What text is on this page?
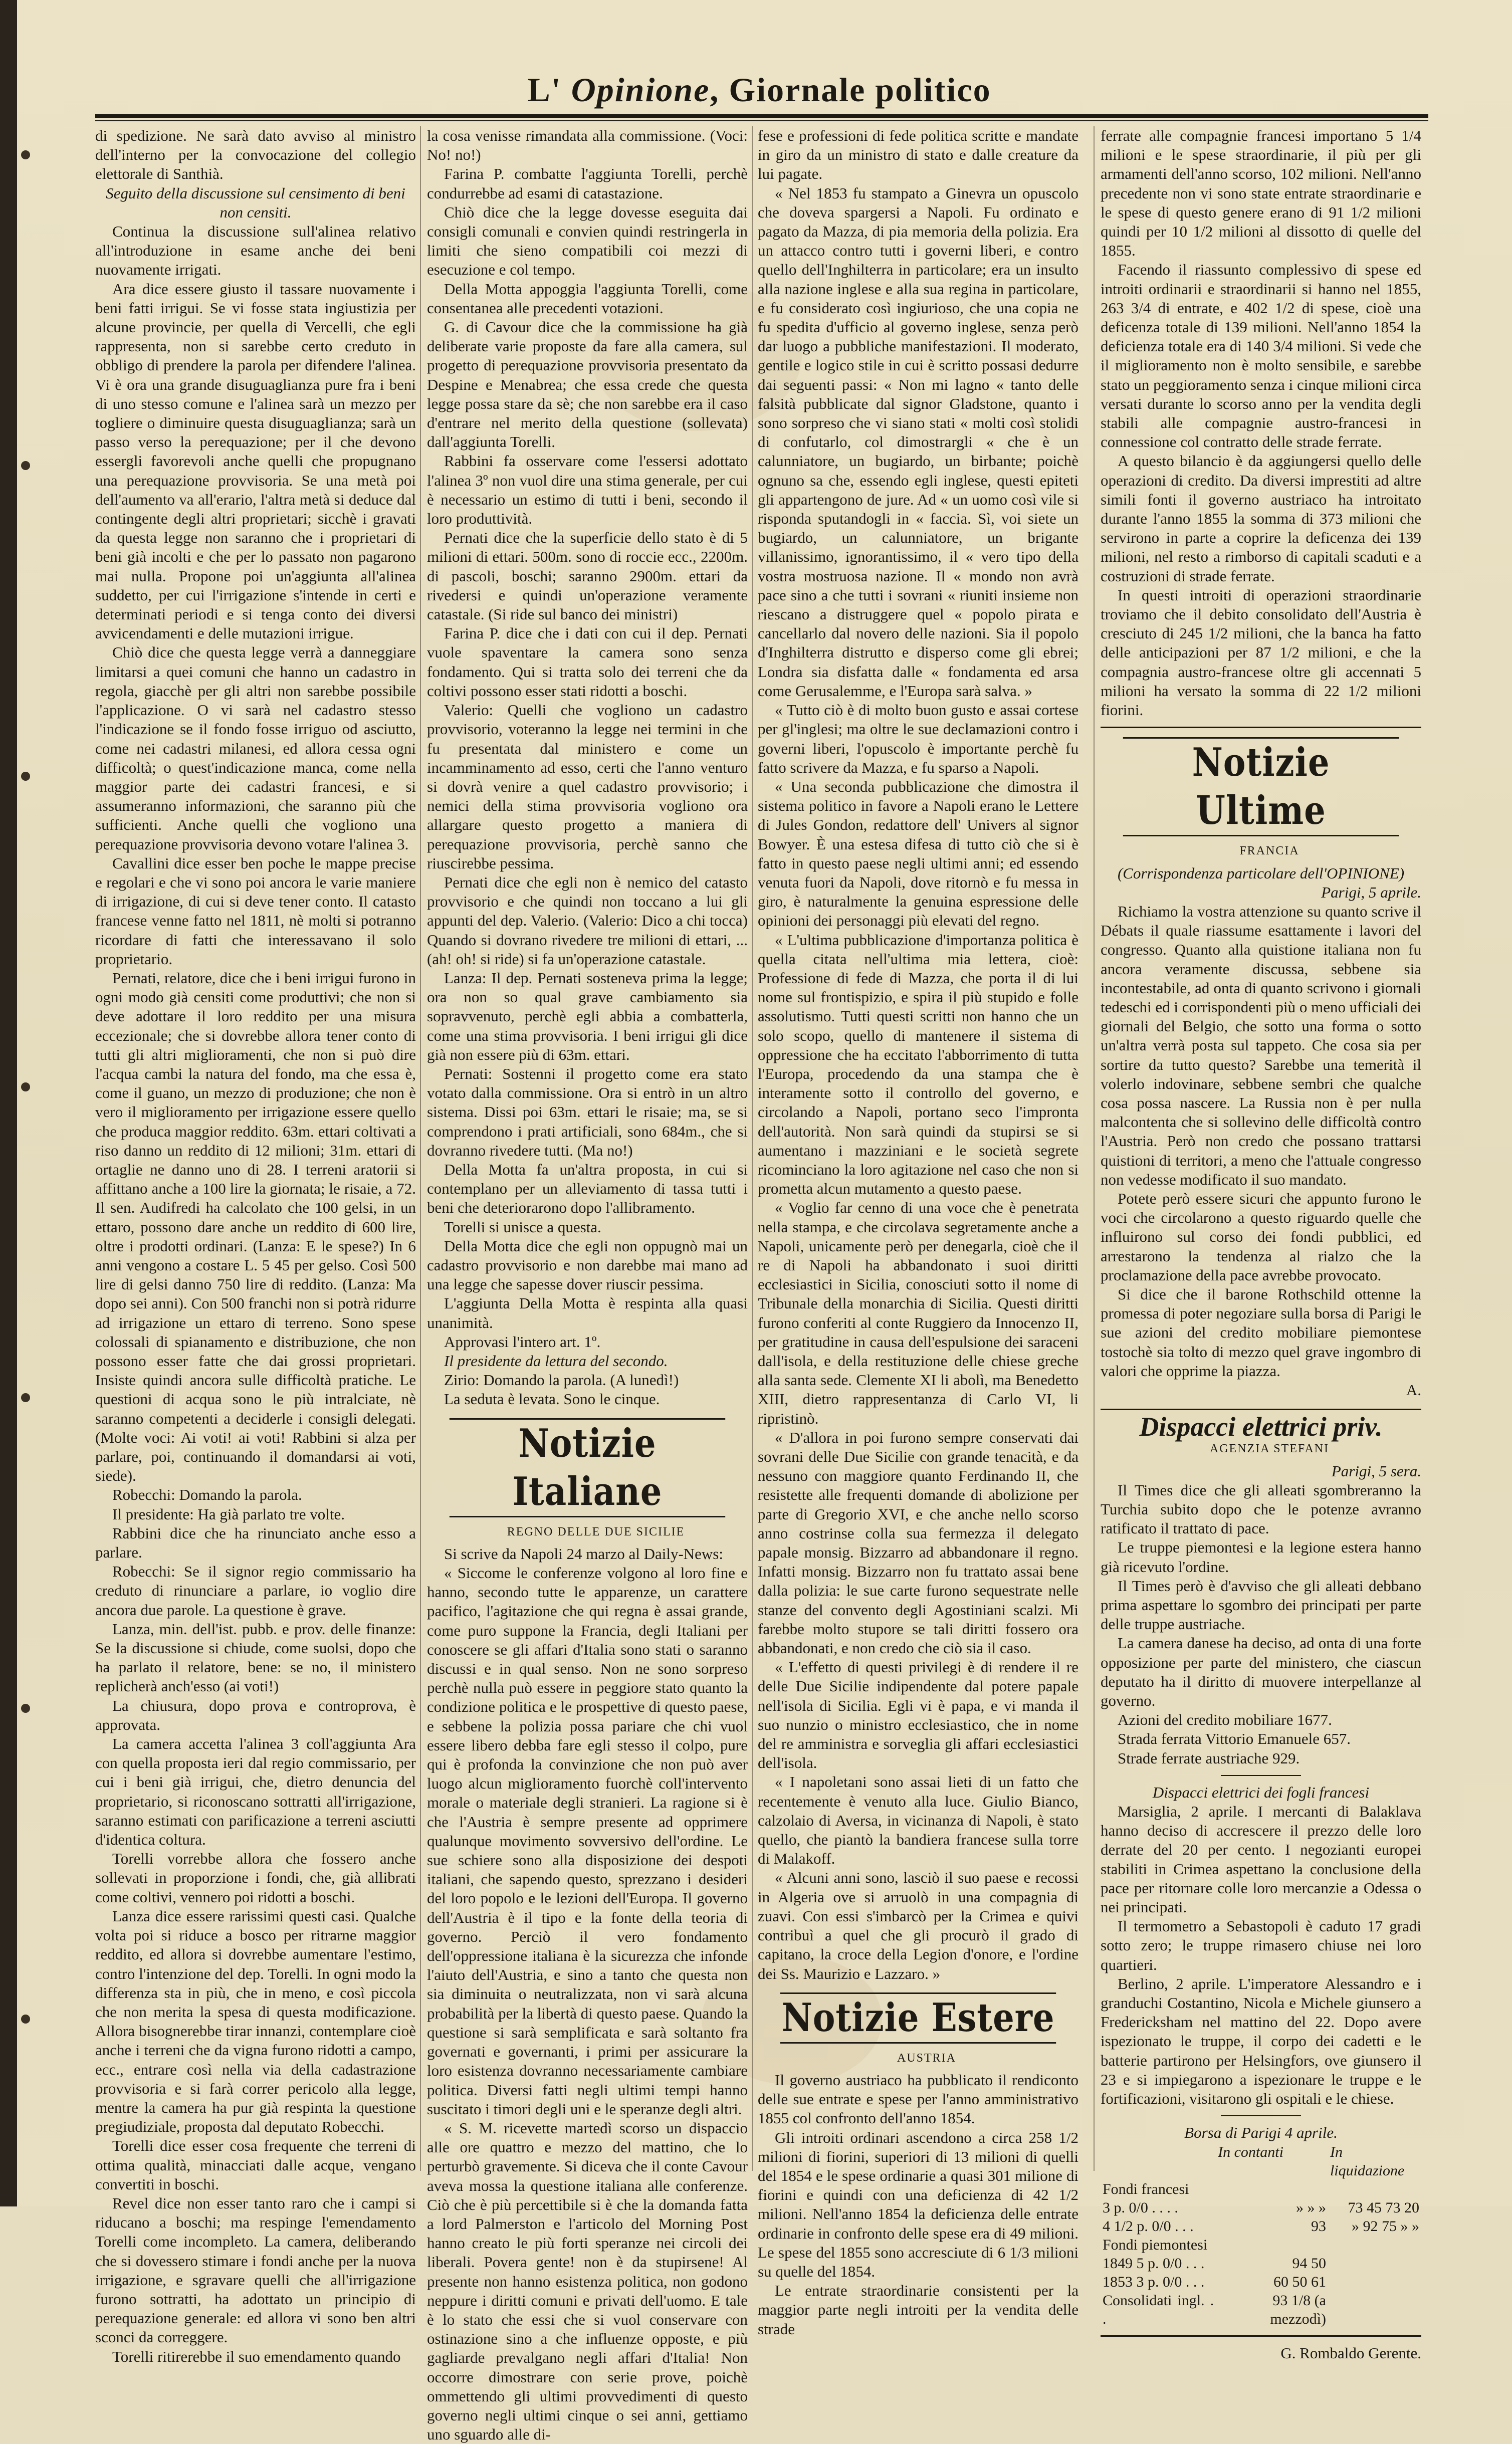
L' Opinione, Giornale politico

di spedizione. Ne sarà dato avviso al ministro dell'interno per la convocazione del collegio elettorale di Santhià.

Seguito della discussione sul censimento di beni non censiti.

Continua la discussione sull'alinea relativo all'introduzione in esame anche dei beni nuovamente irrigati.

Ara dice essere giusto il tassare nuovamente i beni fatti irrigui. Se vi fosse stata ingiustizia per alcune provincie, per quella di Vercelli, che egli rappresenta, non si sarebbe certo creduto in obbligo di prendere la parola per difendere l'alinea. Vi è ora una grande disuguaglianza pure fra i beni di uno stesso comune e l'alinea sarà un mezzo per togliere o diminuire questa disuguaglianza; sarà un passo verso la perequazione; per il che devono essergli favorevoli anche quelli che propugnano una perequazione provvisoria. Se una metà poi dell'aumento va all'erario, l'altra metà si deduce dal contingente degli altri proprietari; sicchè i gravati da questa legge non saranno che i proprietari di beni già incolti e che per lo passato non pagarono mai nulla. Propone poi un'aggiunta all'alinea suddetto, per cui l'irrigazione s'intende in certi e determinati periodi e si tenga conto dei diversi avvicendamenti e delle mutazioni irrigue.

Chiò dice che questa legge verrà a danneggiare limitarsi a quei comuni che hanno un cadastro in regola, giacchè per gli altri non sarebbe possibile l'applicazione. O vi sarà nel cadastro stesso l'indicazione se il fondo fosse irriguo od asciutto, come nei cadastri milanesi, ed allora cessa ogni difficoltà; o quest'indicazione manca, come nella maggior parte dei cadastri francesi, e si assumeranno informazioni, che saranno più che sufficienti. Anche quelli che vogliono una perequazione provvisoria devono votare l'alinea 3.

Cavallini dice esser ben poche le mappe precise e regolari e che vi sono poi ancora le varie maniere di irrigazione, di cui si deve tener conto. Il catasto francese venne fatto nel 1811, nè molti si potranno ricordare di fatti che interessavano il solo proprietario.

Pernati, relatore, dice che i beni irrigui furono in ogni modo già censiti come produttivi; che non si deve adottare il loro reddito per una misura eccezionale; che si dovrebbe allora tener conto di tutti gli altri miglioramenti, che non si può dire l'acqua cambi la natura del fondo, ma che essa è, come il guano, un mezzo di produzione; che non è vero il miglioramento per irrigazione essere quello che produca maggior reddito. 63m. ettari coltivati a riso danno un reddito di 12 milioni; 31m. ettari di ortaglie ne danno uno di 28. I terreni aratorii si affittano anche a 100 lire la giornata; le risaie, a 72. Il sen. Audifredi ha calcolato che 100 gelsi, in un ettaro, possono dare anche un reddito di 600 lire, oltre i prodotti ordinari. (Lanza: E le spese?) In 6 anni vengono a costare L. 5 45 per gelso. Così 500 lire di gelsi danno 750 lire di reddito. (Lanza: Ma dopo sei anni). Con 500 franchi non si potrà ridurre ad irrigazione un ettaro di terreno. Sono spese colossali di spianamento e distribuzione, che non possono esser fatte che dai grossi proprietari. Insiste quindi ancora sulle difficoltà pratiche. Le questioni di acqua sono le più intralciate, nè saranno competenti a deciderle i consigli delegati. (Molte voci: Ai voti! ai voti! Rabbini si alza per parlare, poi, continuando il domandarsi ai voti, siede).

Robecchi: Domando la parola.

Il presidente: Ha già parlato tre volte.

Rabbini dice che ha rinunciato anche esso a parlare.

Robecchi: Se il signor regio commissario ha creduto di rinunciare a parlare, io voglio dire ancora due parole. La questione è grave.

Lanza, min. dell'ist. pubb. e prov. delle finanze: Se la discussione si chiude, come suolsi, dopo che ha parlato il relatore, bene: se no, il ministero replicherà anch'esso (ai voti!)

La chiusura, dopo prova e controprova, è approvata.

La camera accetta l'alinea 3 coll'aggiunta Ara con quella proposta ieri dal regio commissario, per cui i beni già irrigui, che, dietro denuncia del proprietario, si riconoscano sottratti all'irrigazione, saranno estimati con parificazione a terreni asciutti d'identica coltura.

Torelli vorrebbe allora che fossero anche sollevati in proporzione i fondi, che, già allibrati come coltivi, vennero poi ridotti a boschi.

Lanza dice essere rarissimi questi casi. Qualche volta poi si riduce a bosco per ritrarne maggior reddito, ed allora si dovrebbe aumentare l'estimo, contro l'intenzione del dep. Torelli. In ogni modo la differenza sta in più, che in meno, e così piccola che non merita la spesa di questa modificazione. Allora bisognerebbe tirar innanzi, contemplare cioè anche i terreni che da vigna furono ridotti a campo, ecc., entrare così nella via della cadastrazione provvisoria e si farà correr pericolo alla legge, mentre la camera ha pur già respinta la questione pregiudiziale, proposta dal deputato Robecchi.

Torelli dice esser cosa frequente che terreni di ottima qualità, minacciati dalle acque, vengano convertiti in boschi.

Revel dice non esser tanto raro che i campi si riducano a boschi; ma respinge l'emendamento Torelli come incompleto. La camera, deliberando che si dovessero stimare i fondi anche per la nuova irrigazione, e sgravare quelli che all'irrigazione furono sottratti, ha adottato un principio di perequazione generale: ed allora vi sono ben altri sconci da correggere.

Torelli ritirerebbe il suo emendamento quando

la cosa venisse rimandata alla commissione. (Voci: No! no!)

Farina P. combatte l'aggiunta Torelli, perchè condurrebbe ad esami di catastazione.

Chiò dice che la legge dovesse eseguita dai consigli comunali e convien quindi restringerla in limiti che sieno compatibili coi mezzi di esecuzione e col tempo.

Della Motta appoggia l'aggiunta Torelli, come consentanea alle precedenti votazioni.

G. di Cavour dice che la commissione ha già deliberate varie proposte da fare alla camera, sul progetto di perequazione provvisoria presentato da Despine e Menabrea; che essa crede che questa legge possa stare da sè; che non sarebbe era il caso d'entrare nel merito della questione (sollevata) dall'aggiunta Torelli.

Rabbini fa osservare come l'essersi adottato l'alinea 3º non vuol dire una stima generale, per cui è necessario un estimo di tutti i beni, secondo il loro produttività.

Pernati dice che la superficie dello stato è di 5 milioni di ettari. 500m. sono di roccie ecc., 2200m. di pascoli, boschi; saranno 2900m. ettari da rivedersi e quindi un'operazione veramente catastale. (Si ride sul banco dei ministri)

Farina P. dice che i dati con cui il dep. Pernati vuole spaventare la camera sono senza fondamento. Qui si tratta solo dei terreni che da coltivi possono esser stati ridotti a boschi.

Valerio: Quelli che vogliono un cadastro provvisorio, voteranno la legge nei termini in che fu presentata dal ministero e come un incamminamento ad esso, certi che l'anno venturo si dovrà venire a quel cadastro provvisorio; i nemici della stima provvisoria vogliono ora allargare questo progetto a maniera di perequazione provvisoria, perchè sanno che riuscirebbe pessima.

Pernati dice che egli non è nemico del catasto provvisorio e che quindi non toccano a lui gli appunti del dep. Valerio. (Valerio: Dico a chi tocca) Quando si dovrano rivedere tre milioni di ettari, ... (ah! oh! si ride) si fa un'operazione catastale.

Lanza: Il dep. Pernati sosteneva prima la legge; ora non so qual grave cambiamento sia sopravvenuto, perchè egli abbia a combatterla, come una stima provvisoria. I beni irrigui gli dice già non essere più di 63m. ettari.

Pernati: Sostenni il progetto come era stato votato dalla commissione. Ora si entrò in un altro sistema. Dissi poi 63m. ettari le risaie; ma, se si comprendono i prati artificiali, sono 684m., che si dovranno rivedere tutti. (Ma no!)

Della Motta fa un'altra proposta, in cui si contemplano per un alleviamento di tassa tutti i beni che deteriorarono dopo l'allibramento.

Torelli si unisce a questa.

Della Motta dice che egli non oppugnò mai un cadastro provvisorio e non darebbe mai mano ad una legge che sapesse dover riuscir pessima.

L'aggiunta Della Motta è respinta alla quasi unanimità.

Approvasi l'intero art. 1º.

Il presidente da lettura del secondo.

Zirio: Domando la parola. (A lunedì!)

La seduta è levata. Sono le cinque.

Notizie Italiane

REGNO DELLE DUE SICILIE

Si scrive da Napoli 24 marzo al Daily-News:

« Siccome le conferenze volgono al loro fine e hanno, secondo tutte le apparenze, un carattere pacifico, l'agitazione che qui regna è assai grande, come puro suppone la Francia, degli Italiani per conoscere se gli affari d'Italia sono stati o saranno discussi e in qual senso. Non ne sono sorpreso perchè nulla può essere in peggiore stato quanto la condizione politica e le prospettive di questo paese, e sebbene la polizia possa pariare che chi vuol essere libero debba fare egli stesso il colpo, pure qui è profonda la convinzione che non può aver luogo alcun miglioramento fuorchè coll'intervento morale o materiale degli stranieri. La ragione si è che l'Austria è sempre presente ad opprimere qualunque movimento sovversivo dell'ordine. Le sue schiere sono alla disposizione dei despoti italiani, che sapendo questo, sprezzano i desideri del loro popolo e le lezioni dell'Europa. Il governo dell'Austria è il tipo e la fonte della teoria di governo. Perciò il vero fondamento dell'oppressione italiana è la sicurezza che infonde l'aiuto dell'Austria, e sino a tanto che questa non sia diminuita o neutralizzata, non vi sarà alcuna probabilità per la libertà di questo paese. Quando la questione si sarà semplificata e sarà soltanto fra governati e governanti, i primi per assicurare la loro esistenza dovranno necessariamente cambiare politica. Diversi fatti negli ultimi tempi hanno suscitato i timori degli uni e le speranze degli altri.

« S. M. ricevette martedì scorso un dispaccio alle ore quattro e mezzo del mattino, che lo perturbò gravemente. Si diceva che il conte Cavour aveva mossa la questione italiana alle conferenze. Ciò che è più percettibile si è che la domanda fatta a lord Palmerston e l'articolo del Morning Post hanno creato le più forti speranze nei circoli dei liberali. Povera gente! non è da stupirsene! Al presente non hanno esistenza politica, non godono neppure i diritti comuni e privati dell'uomo. E tale è lo stato che essi che si vuol conservare con ostinazione sino a che influenze opposte, e più gagliarde prevalgano negli affari d'Italia! Non occorre dimostrare con serie prove, poichè ommettendo gli ultimi provvedimenti di questo governo negli ultimi cinque o sei anni, gettiamo uno sguardo alle di-

fese e professioni di fede politica scritte e mandate in giro da un ministro di stato e dalle creature da lui pagate.

« Nel 1853 fu stampato a Ginevra un opuscolo che doveva spargersi a Napoli. Fu ordinato e pagato da Mazza, di pia memoria della polizia. Era un attacco contro tutti i governi liberi, e contro quello dell'Inghilterra in particolare; era un insulto alla nazione inglese e alla sua regina in particolare, e fu considerato così ingiurioso, che una copia ne fu spedita d'ufficio al governo inglese, senza però dar luogo a pubbliche manifestazioni. Il moderato, gentile e logico stile in cui è scritto possasi dedurre dai seguenti passi: « Non mi lagno « tanto delle falsità pubblicate dal signor Gladstone, quanto i sono sorpreso che vi siano stati « molti così stolidi di confutarlo, col dimostrargli « che è un calunniatore, un bugiardo, un birbante; poichè ognuno sa che, essendo egli inglese, questi epiteti gli appartengono de jure. Ad « un uomo così vile si risponda sputandogli in « faccia. Sì, voi siete un bugiardo, un calunniatore, un brigante villanissimo, ignorantissimo, il « vero tipo della vostra mostruosa nazione. Il « mondo non avrà pace sino a che tutti i sovrani « riuniti insieme non riescano a distruggere quel « popolo pirata e cancellarlo dal novero delle nazioni. Sia il popolo d'Inghilterra distrutto e disperso come gli ebrei; Londra sia disfatta dalle « fondamenta ed arsa come Gerusalemme, e l'Europa sarà salva. »

« Tutto ciò è di molto buon gusto e assai cortese per gl'inglesi; ma oltre le sue declamazioni contro i governi liberi, l'opuscolo è importante perchè fu fatto scrivere da Mazza, e fu sparso a Napoli.

« Una seconda pubblicazione che dimostra il sistema politico in favore a Napoli erano le Lettere di Jules Gondon, redattore dell' Univers al signor Bowyer. È una estesa difesa di tutto ciò che si è fatto in questo paese negli ultimi anni; ed essendo venuta fuori da Napoli, dove ritornò e fu messa in giro, è naturalmente la genuina espressione delle opinioni dei personaggi più elevati del regno.

« L'ultima pubblicazione d'importanza politica è quella citata nell'ultima mia lettera, cioè: Professione di fede di Mazza, che porta il di lui nome sul frontispizio, e spira il più stupido e folle assolutismo. Tutti questi scritti non hanno che un solo scopo, quello di mantenere il sistema di oppressione che ha eccitato l'abborrimento di tutta l'Europa, procedendo da una stampa che è interamente sotto il controllo del governo, e circolando a Napoli, portano seco l'impronta dell'autorità. Non sarà quindi da stupirsi se si aumentano i mazziniani e le società segrete ricominciano la loro agitazione nel caso che non si prometta alcun mutamento a questo paese.

« Voglio far cenno di una voce che è penetrata nella stampa, e che circolava segretamente anche a Napoli, unicamente però per denegarla, cioè che il re di Napoli ha abbandonato i suoi diritti ecclesiastici in Sicilia, conosciuti sotto il nome di Tribunale della monarchia di Sicilia. Questi diritti furono conferiti al conte Ruggiero da Innocenzo II, per gratitudine in causa dell'espulsione dei saraceni dall'isola, e della restituzione delle chiese greche alla santa sede. Clemente XI li abolì, ma Benedetto XIII, dietro rappresentanza di Carlo VI, li ripristinò.

« D'allora in poi furono sempre conservati dai sovrani delle Due Sicilie con grande tenacità, e da nessuno con maggiore quanto Ferdinando II, che resistette alle frequenti domande di abolizione per parte di Gregorio XVI, e che anche nello scorso anno costrinse colla sua fermezza il delegato papale monsig. Bizzarro ad abbandonare il regno. Infatti monsig. Bizzarro non fu trattato assai bene dalla polizia: le sue carte furono sequestrate nelle stanze del convento degli Agostiniani scalzi. Mi farebbe molto stupore se tali diritti fossero ora abbandonati, e non credo che ciò sia il caso.

« L'effetto di questi privilegi è di rendere il re delle Due Sicilie indipendente dal potere papale nell'isola di Sicilia. Egli vi è papa, e vi manda il suo nunzio o ministro ecclesiastico, che in nome del re amministra e sorveglia gli affari ecclesiastici dell'isola.

« I napoletani sono assai lieti di un fatto che recentemente è venuto alla luce. Giulio Bianco, calzolaio di Aversa, in vicinanza di Napoli, è stato quello, che piantò la bandiera francese sulla torre di Malakoff.

« Alcuni anni sono, lasciò il suo paese e recossi in Algeria ove si arruolò in una compagnia di zuavi. Con essi s'imbarcò per la Crimea e quivi contribuì a quel che gli procurò il grado di capitano, la croce della Legion d'onore, e l'ordine dei Ss. Maurizio e Lazzaro. »

Notizie Estere

AUSTRIA

Il governo austriaco ha pubblicato il rendiconto delle sue entrate e spese per l'anno amministrativo 1855 col confronto dell'anno 1854.

Gli introiti ordinari ascendono a circa 258 1/2 milioni di fiorini, superiori di 13 milioni di quelli del 1854 e le spese ordinarie a quasi 301 milione di fiorini e quindi con una deficienza di 42 1/2 milioni. Nell'anno 1854 la deficienza delle entrate ordinarie in confronto delle spese era di 49 milioni. Le spese del 1855 sono accresciute di 6 1/3 milioni su quelle del 1854.

Le entrate straordinarie consistenti per la maggior parte negli introiti per la vendita delle strade

ferrate alle compagnie francesi importano 5 1/4 milioni e le spese straordinarie, il più per gli armamenti dell'anno scorso, 102 milioni. Nell'anno precedente non vi sono state entrate straordinarie e le spese di questo genere erano di 91 1/2 milioni quindi per 10 1/2 milioni al dissotto di quelle del 1855.

Facendo il riassunto complessivo di spese ed introiti ordinarii e straordinarii si hanno nel 1855, 263 3/4 di entrate, e 402 1/2 di spese, cioè una deficenza totale di 139 milioni. Nell'anno 1854 la deficienza totale era di 140 3/4 milioni. Si vede che il miglioramento non è molto sensibile, e sarebbe stato un peggioramento senza i cinque milioni circa versati durante lo scorso anno per la vendita degli stabili alle compagnie austro-francesi in connessione col contratto delle strade ferrate.

A questo bilancio è da aggiungersi quello delle operazioni di credito. Da diversi imprestiti ad altre simili fonti il governo austriaco ha introitato durante l'anno 1855 la somma di 373 milioni che servirono in parte a coprire la deficenza dei 139 milioni, nel resto a rimborso di capitali scaduti e a costruzioni di strade ferrate.

In questi introiti di operazioni straordinarie troviamo che il debito consolidato dell'Austria è cresciuto di 245 1/2 milioni, che la banca ha fatto delle anticipazioni per 87 1/2 milioni, e che la compagnia austro-francese oltre gli accennati 5 milioni ha versato la somma di 22 1/2 milioni fiorini.

Notizie Ultime

FRANCIA

(Corrispondenza particolare dell'OPINIONE)

Parigi, 5 aprile.

Richiamo la vostra attenzione su quanto scrive il Débats il quale riassume esattamente i lavori del congresso. Quanto alla quistione italiana non fu ancora veramente discussa, sebbene sia incontestabile, ad onta di quanto scrivono i giornali tedeschi ed i corrispondenti più o meno ufficiali dei giornali del Belgio, che sotto una forma o sotto un'altra verrà posta sul tappeto. Che cosa sia per sortire da tutto questo? Sarebbe una temerità il volerlo indovinare, sebbene sembri che qualche cosa possa nascere. La Russia non è per nulla malcontenta che si sollevino delle difficoltà contro l'Austria. Però non credo che possano trattarsi quistioni di territori, a meno che l'attuale congresso non vedesse modificato il suo mandato.

Potete però essere sicuri che appunto furono le voci che circolarono a questo riguardo quelle che influirono sul corso dei fondi pubblici, ed arrestarono la tendenza al rialzo che la proclamazione della pace avrebbe provocato.

Si dice che il barone Rothschild ottenne la promessa di poter negoziare sulla borsa di Parigi le sue azioni del credito mobiliare piemontese tostochè sia tolto di mezzo quel grave ingombro di valori che opprime la piazza.

A.

Dispacci elettrici priv.

AGENZIA STEFANI

Parigi, 5 sera.

Il Times dice che gli alleati sgombreranno la Turchia subito dopo che le potenze avranno ratificato il trattato di pace.

Le truppe piemontesi e la legione estera hanno già ricevuto l'ordine.

Il Times però è d'avviso che gli alleati debbano prima aspettare lo sgombro dei principati per parte delle truppe austriache.

La camera danese ha deciso, ad onta di una forte opposizione per parte del ministero, che ciascun deputato ha il diritto di muovere interpellanze al governo.

Azioni del credito mobiliare 1677.

Strada ferrata Vittorio Emanuele 657.

Strade ferrate austriache 929.

Dispacci elettrici dei fogli francesi

Marsiglia, 2 aprile. I mercanti di Balaklava hanno deciso di accrescere il prezzo delle loro derrate del 20 per cento. I negozianti europei stabiliti in Crimea aspettano la conclusione della pace per ritornare colle loro mercanzie a Odessa o nei principati.

Il termometro a Sebastopoli è caduto 17 gradi sotto zero; le truppe rimasero chiuse nei loro quartieri.

Berlino, 2 aprile. L'imperatore Alessandro e i granduchi Costantino, Nicola e Michele giunsero a Fredericksham nel mattino del 22. Dopo avere ispezionato le truppe, il corpo dei cadetti e le batterie partirono per Helsingfors, ove giunsero il 23 e si impiegarono a ispezionare le truppe e le fortificazioni, visitarono gli ospitali e le chiese.

Borsa di Parigi 4 aprile.

	In contanti	In liquidazione
Fondi francesi		
3 p. 0/0 . . . .	» » »	73 45 73 20
4 1/2 p. 0/0 . . .	93	» 92 75 » »
Fondi piemontesi		
1849 5 p. 0/0 . . .	94 50	
1853 3 p. 0/0 . . .	60 50 61	
Consolidati ingl. . .	93 1/8 (a mezzodì)	

G. Rombaldo Gerente.
